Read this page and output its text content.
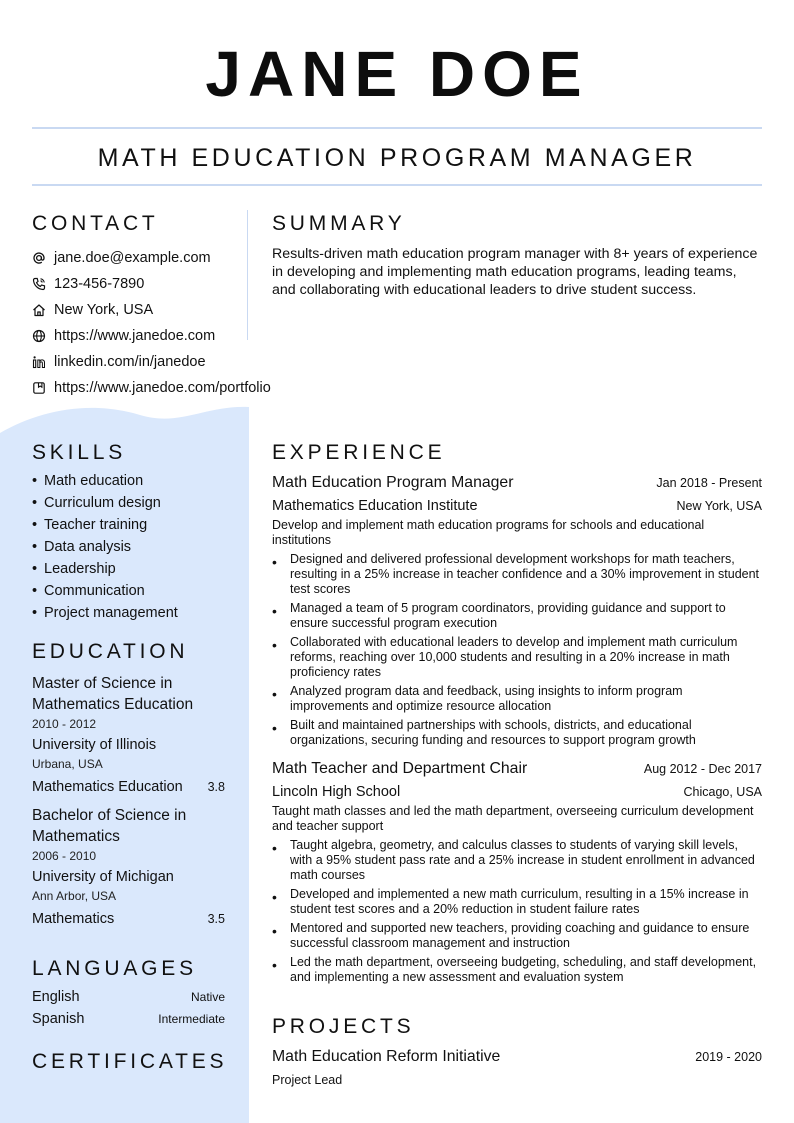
JANE DOE
MATH EDUCATION PROGRAM MANAGER
CONTACT
jane.doe@example.com
123-456-7890
New York, USA
https://www.janedoe.com
linkedin.com/in/janedoe
https://www.janedoe.com/portfolio
SUMMARY
Results-driven math education program manager with 8+ years of experience in developing and implementing math education programs, leading teams, and collaborating with educational leaders to drive student success.
SKILLS
• Math education
• Curriculum design
• Teacher training
• Data analysis
• Leadership
• Communication
• Project management
EDUCATION
Master of Science in Mathematics Education
2010 - 2012
University of Illinois
Urbana, USA
Mathematics Education 3.8
Bachelor of Science in Mathematics
2006 - 2010
University of Michigan
Ann Arbor, USA
Mathematics	3.5
LANGUAGES
English	Native
Spanish	Intermediate
CERTIFICATES
EXPERIENCE
Math Education Program Manager	Jan 2018 - Present
Mathematics Education Institute	New York, USA
Develop and implement math education programs for schools and educational institutions
•	Designed and delivered professional development workshops for math teachers, resulting in a 25% increase in teacher confidence and a 30% improvement in student test scores
•	Managed a team of 5 program coordinators, providing guidance and support to ensure successful program execution
•	Collaborated with educational leaders to develop and implement math curriculum reforms, reaching over 10,000 students and resulting in a 20% increase in math proficiency rates
•	Analyzed program data and feedback, using insights to inform program improvements and optimize resource allocation
•	Built and maintained partnerships with schools, districts, and educational organizations, securing funding and resources to support program growth
Math Teacher and Department Chair	Aug 2012 - Dec 2017
Lincoln High School	Chicago, USA
Taught math classes and led the math department, overseeing curriculum development and teacher support
•	Taught algebra, geometry, and calculus classes to students of varying skill levels, with a 95% student pass rate and a 25% increase in student enrollment in advanced math courses
•	Developed and implemented a new math curriculum, resulting in a 15% increase in student test scores and a 20% reduction in student failure rates
•	Mentored and supported new teachers, providing coaching and guidance to ensure successful classroom management and instruction
•	Led the math department, overseeing budgeting, scheduling, and staff development, and implementing a new assessment and evaluation system
PROJECTS
Math Education Reform Initiative	2019 - 2020
Project Lead
